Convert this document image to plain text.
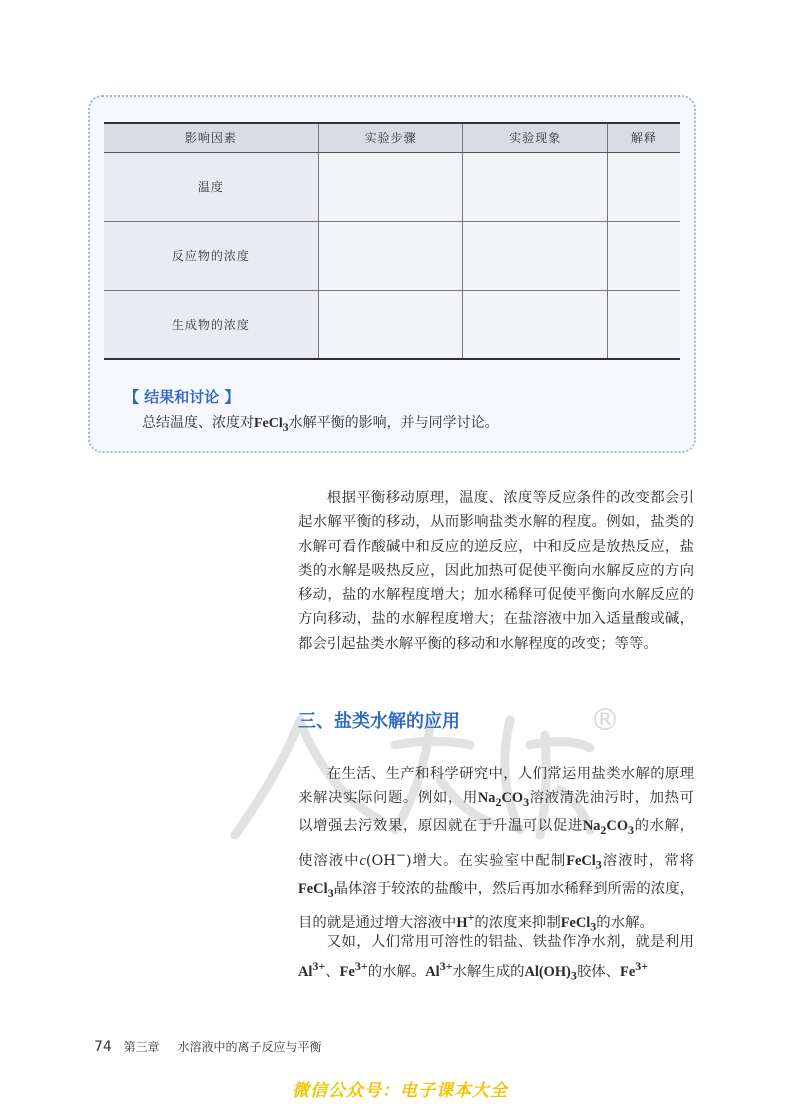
®
影响因素	实验步骤	实验现象	解释
温度			
反应物的浓度			
生成物的浓度			
【 结果和讨论 】
总结温度、浓度对FeCl$_3$水解平衡的影响，并与同学讨论。
根据平衡移动原理，温度、浓度等反应条件的改变都会引起水解平衡的移动，从而影响盐类水解的程度。例如，盐类的水解可看作酸碱中和反应的逆反应，中和反应是放热反应，盐类的水解是吸热反应，因此加热可促使平衡向水解反应的方向移动，盐的水解程度增大；加水稀释可促使平衡向水解反应的方向移动，盐的水解程度增大；在盐溶液中加入适量酸或碱，都会引起盐类水解平衡的移动和水解程度的改变；等等。
三、盐类水解的应用
在生活、生产和科学研究中，人们常运用盐类水解的原理来解决实际问题。例如，用$Na_2CO_3$溶液清洗油污时，加热可以增强去污效果，原因就在于升温可以促进$Na_2CO_3$的水解，使溶液中c(OH−)增大。在实验室中配制FeCl$_3$溶液时，常将FeCl$_3$晶体溶于较浓的盐酸中，然后再加水稀释到所需的浓度，目的就是通过增大溶液中H+的浓度来抑制FeCl$_3$的水解。
又如，人们常用可溶性的铝盐、铁盐作净水剂，就是利用$Al^{3+}$、$Fe^{3+}$的水解。$Al^{3+}$水解生成的$Al(OH)_3$胶体、$Fe^{3+}$
74 第三章 水溶液中的离子反应与平衡
微信公众号：电子课本大全
